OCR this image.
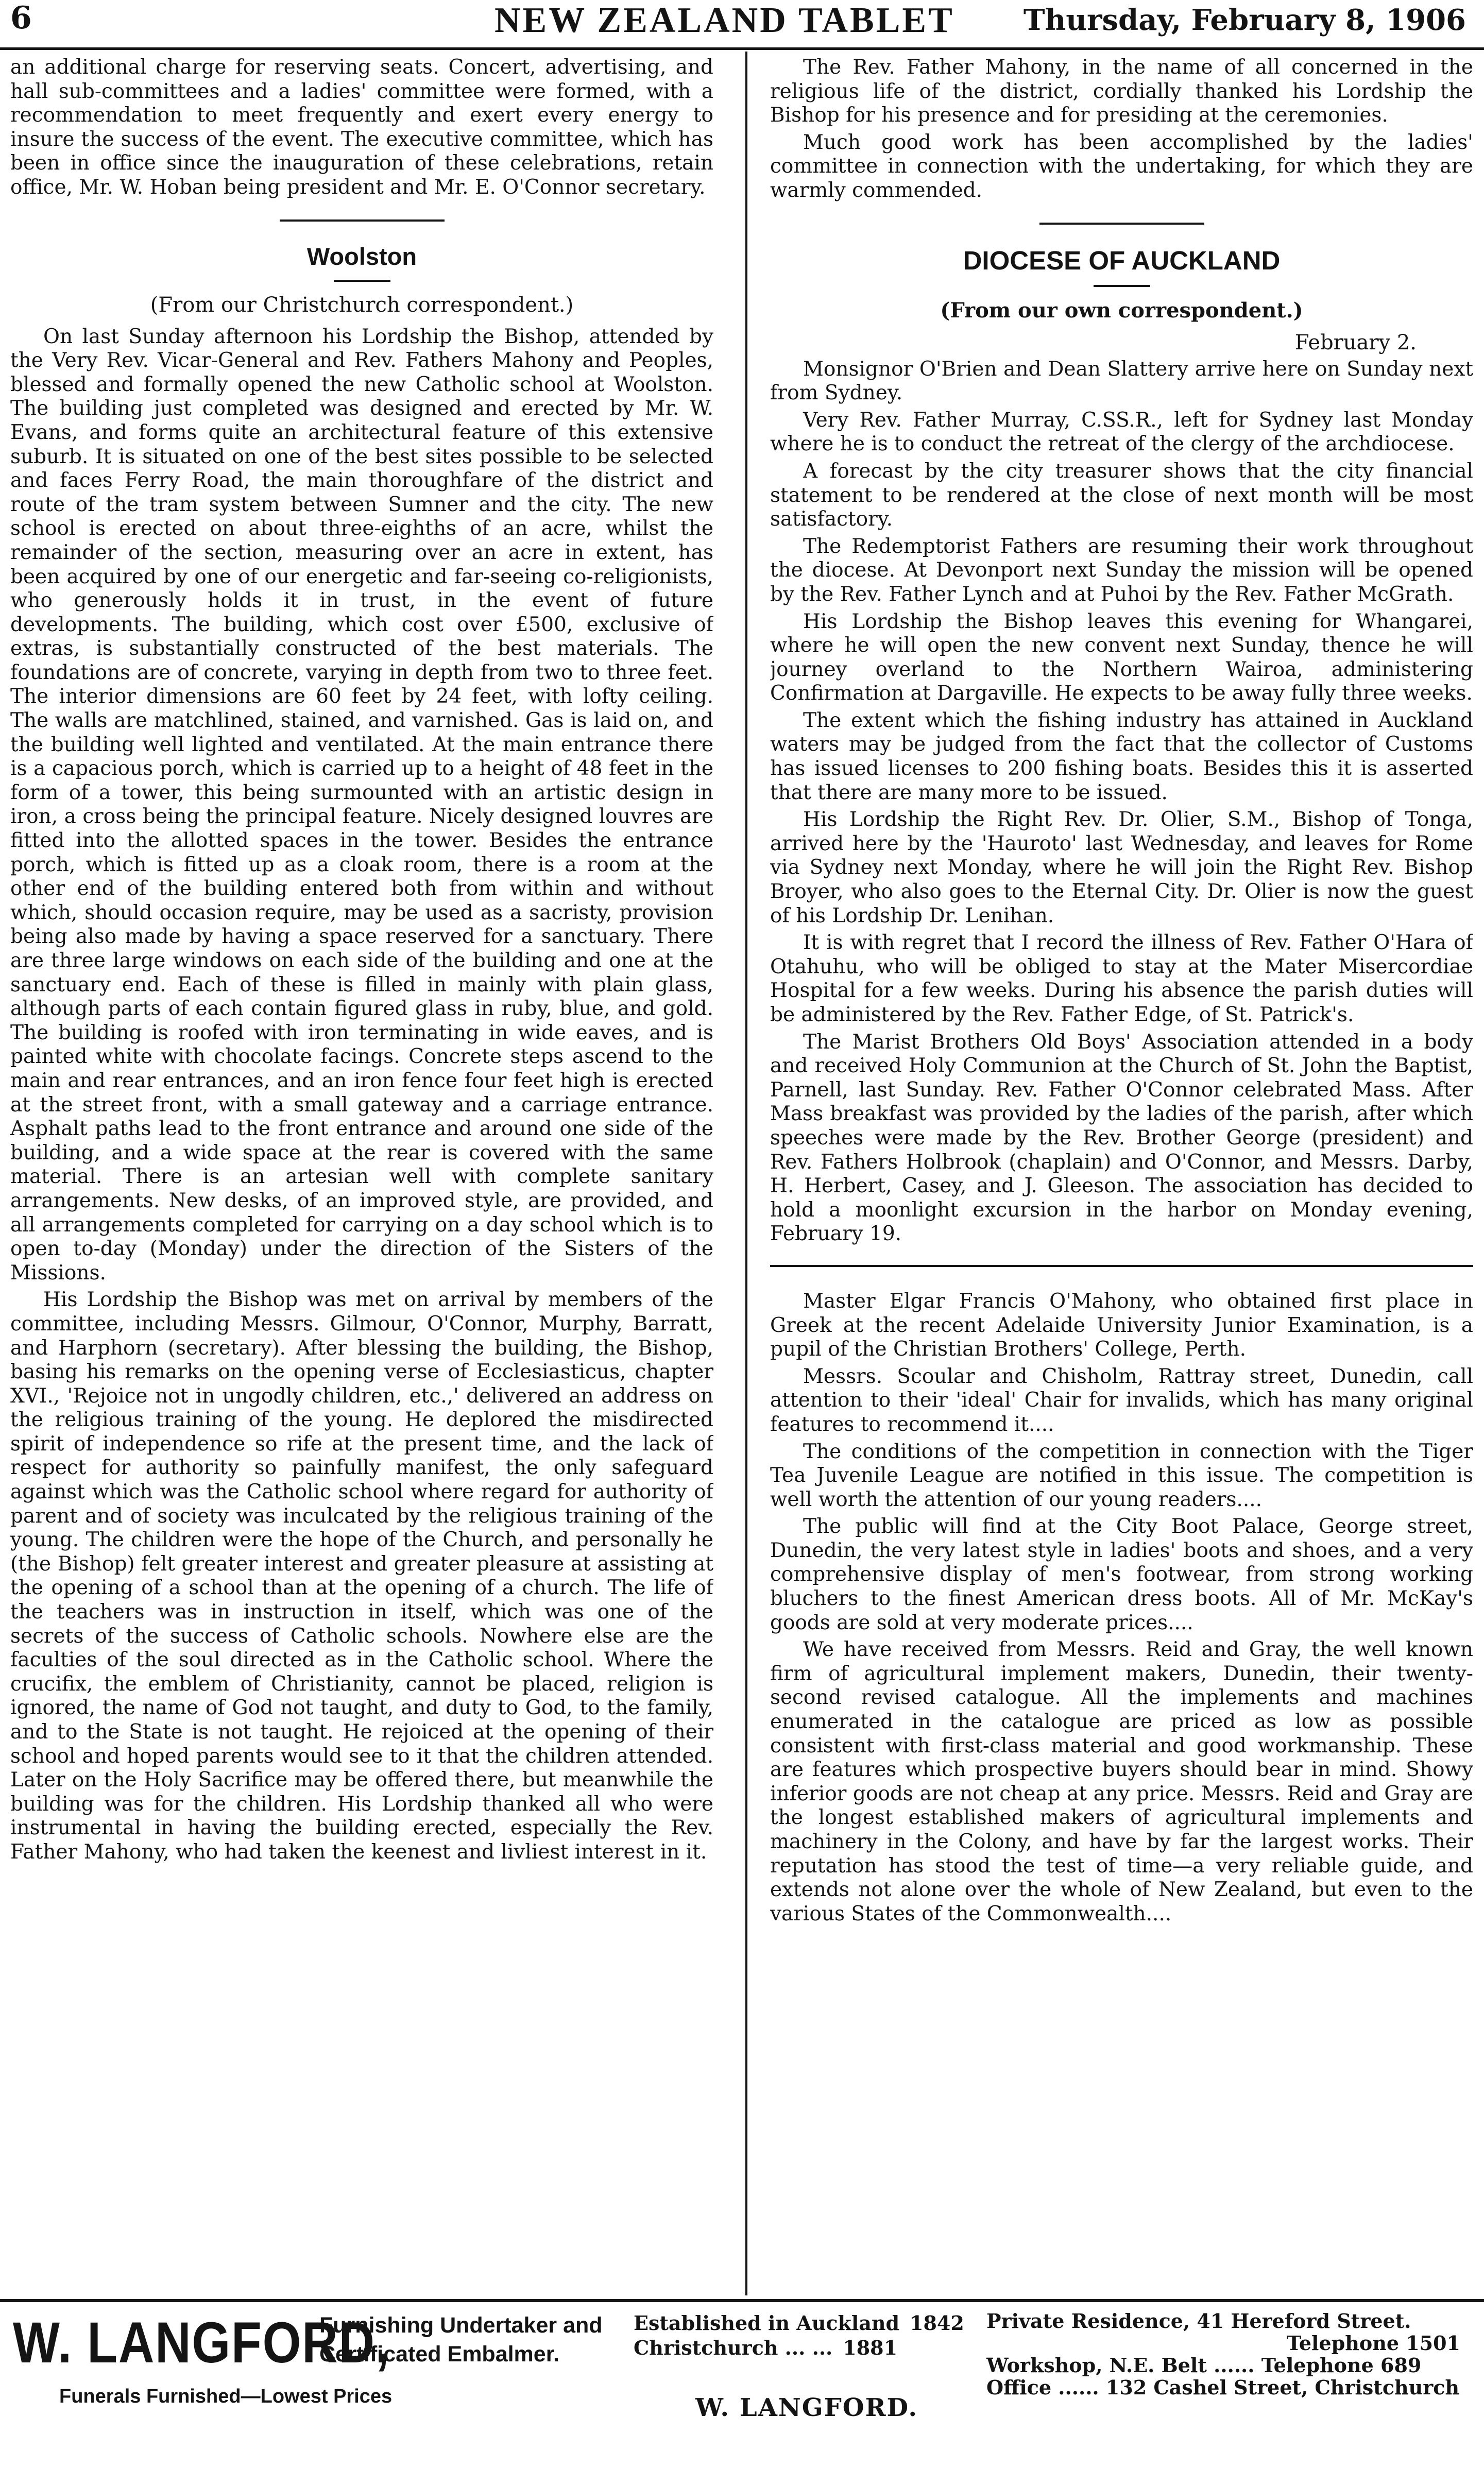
6	NEW ZEALAND TABLET Thursday, February 8, 1906

an additional charge for reserving seats. Concert, advertising, and hall sub-committees and a ladies' committee were formed, with a recommendation to meet frequently and exert every energy to insure the success of the event. The executive committee, which has been in office since the inauguration of these celebrations, retain office, Mr. W. Hoban being president and Mr. E. O'Connor secretary.

Woolston
(From our Christchurch correspondent.)

On last Sunday afternoon his Lordship the Bishop, attended by the Very Rev. Vicar-General and Rev. Fathers Mahony and Peoples, blessed and formally opened the new Catholic school at Woolston. The building just completed was designed and erected by Mr. W. Evans, and forms quite an architectural feature of this extensive suburb. It is situated on one of the best sites possible to be selected and faces Ferry Road, the main thoroughfare of the district and route of the tram system between Sumner and the city. The new school is erected on about three-eighths of an acre, whilst the remainder of the section, measuring over an acre in extent, has been acquired by one of our energetic and far-seeing co-religionists, who generously holds it in trust, in the event of future developments. The building, which cost over £500, exclusive of extras, is substantially constructed of the best materials. The foundations are of concrete, varying in depth from two to three feet. The interior dimensions are 60 feet by 24 feet, with lofty ceiling. The walls are matchlined, stained, and varnished. Gas is laid on, and the building well lighted and ventilated. At the main entrance there is a capacious porch, which is carried up to a height of 48 feet in the form of a tower, this being surmounted with an artistic design in iron, a cross being the principal feature. Nicely designed louvres are fitted into the allotted spaces in the tower. Besides the entrance porch, which is fitted up as a cloak room, there is a room at the other end of the building entered both from within and without which, should occasion require, may be used as a sacristy, provision being also made by having a space reserved for a sanctuary. There are three large windows on each side of the building and one at the sanctuary end. Each of these is filled in mainly with plain glass, although parts of each contain figured glass in ruby, blue, and gold. The building is roofed with iron terminating in wide eaves, and is painted white with chocolate facings. Concrete steps ascend to the main and rear entrances, and an iron fence four feet high is erected at the street front, with a small gateway and a carriage entrance. Asphalt paths lead to the front entrance and around one side of the building, and a wide space at the rear is covered with the same material. There is an artesian well with complete sanitary arrangements. New desks, of an improved style, are provided, and all arrangements completed for carrying on a day school which is to open to-day (Monday) under the direction of the Sisters of the Missions.

His Lordship the Bishop was met on arrival by members of the committee, including Messrs. Gilmour, O'Connor, Murphy, Barratt, and Harphorn (secretary). After blessing the building, the Bishop, basing his remarks on the opening verse of Ecclesiasticus, chapter XVI., 'Rejoice not in ungodly children, etc.,' delivered an address on the religious training of the young. He deplored the misdirected spirit of independence so rife at the present time, and the lack of respect for authority so painfully manifest, the only safeguard against which was the Catholic school where regard for authority of parent and of society was inculcated by the religious training of the young. The children were the hope of the Church, and personally he (the Bishop) felt greater interest and greater pleasure at assisting at the opening of a school than at the opening of a church. The life of the teachers was in instruction in itself, which was one of the secrets of the success of Catholic schools. Nowhere else are the faculties of the soul directed as in the Catholic school. Where the crucifix, the emblem of Christianity, cannot be placed, religion is ignored, the name of God not taught, and duty to God, to the family, and to the State is not taught. He rejoiced at the opening of their school and hoped parents would see to it that the children attended. Later on the Holy Sacrifice may be offered there, but meanwhile the building was for the children. His Lordship thanked all who were instrumental in having the building erected, especially the Rev. Father Mahony, who had taken the keenest and livliest interest in it.

The Rev. Father Mahony, in the name of all concerned in the religious life of the district, cordially thanked his Lordship the Bishop for his presence and for presiding at the ceremonies.

Much good work has been accomplished by the ladies' committee in connection with the undertaking, for which they are warmly commended.

DIOCESE OF AUCKLAND
(From our own correspondent.)
February 2.

Monsignor O'Brien and Dean Slattery arrive here on Sunday next from Sydney.

Very Rev. Father Murray, C.SS.R., left for Sydney last Monday where he is to conduct the retreat of the clergy of the archdiocese.

A forecast by the city treasurer shows that the city financial statement to be rendered at the close of next month will be most satisfactory.

The Redemptorist Fathers are resuming their work throughout the diocese. At Devonport next Sunday the mission will be opened by the Rev. Father Lynch and at Puhoi by the Rev. Father McGrath.

His Lordship the Bishop leaves this evening for Whangarei, where he will open the new convent next Sunday, thence he will journey overland to the Northern Wairoa, administering Confirmation at Dargaville. He expects to be away fully three weeks.

The extent which the fishing industry has attained in Auckland waters may be judged from the fact that the collector of Customs has issued licenses to 200 fishing boats. Besides this it is asserted that there are many more to be issued.

His Lordship the Right Rev. Dr. Olier, S.M., Bishop of Tonga, arrived here by the 'Hauroto' last Wednesday, and leaves for Rome via Sydney next Monday, where he will join the Right Rev. Bishop Broyer, who also goes to the Eternal City. Dr. Olier is now the guest of his Lordship Dr. Lenihan.

It is with regret that I record the illness of Rev. Father O'Hara of Otahuhu, who will be obliged to stay at the Mater Misercordiae Hospital for a few weeks. During his absence the parish duties will be administered by the Rev. Father Edge, of St. Patrick's.

The Marist Brothers Old Boys' Association attended in a body and received Holy Communion at the Church of St. John the Baptist, Parnell, last Sunday. Rev. Father O'Connor celebrated Mass. After Mass breakfast was provided by the ladies of the parish, after which speeches were made by the Rev. Brother George (president) and Rev. Fathers Holbrook (chaplain) and O'Connor, and Messrs. Darby, H. Herbert, Casey, and J. Gleeson. The association has decided to hold a moonlight excursion in the harbor on Monday evening, February 19.

Master Elgar Francis O'Mahony, who obtained first place in Greek at the recent Adelaide University Junior Examination, is a pupil of the Christian Brothers' College, Perth.

Messrs. Scoular and Chisholm, Rattray street, Dunedin, call attention to their 'ideal' Chair for invalids, which has many original features to recommend it....

The conditions of the competition in connection with the Tiger Tea Juvenile League are notified in this issue. The competition is well worth the attention of our young readers....

The public will find at the City Boot Palace, George street, Dunedin, the very latest style in ladies' boots and shoes, and a very comprehensive display of men's footwear, from strong working bluchers to the finest American dress boots. All of Mr. McKay's goods are sold at very moderate prices....

We have received from Messrs. Reid and Gray, the well known firm of agricultural implement makers, Dunedin, their twenty-second revised catalogue. All the implements and machines enumerated in the catalogue are priced as low as possible consistent with first-class material and good workmanship. These are features which prospective buyers should bear in mind. Showy inferior goods are not cheap at any price. Messrs. Reid and Gray are the longest established makers of agricultural implements and machinery in the Colony, and have by far the largest works. Their reputation has stood the test of time—a very reliable guide, and extends not alone over the whole of New Zealand, but even to the various States of the Commonwealth....

W. LANGFORD,
Furnishing Undertaker and
Certificated Embalmer.
Funerals Furnished—Lowest Prices
Established in Auckland 1842
Christchurch ... ... 1881
W. LANGFORD.
Private Residence, 41 Hereford Street.
Telephone 1501
Workshop, N.E. Belt ...... Telephone 689
Office ...... 132 Cashel Street, Christchurch
